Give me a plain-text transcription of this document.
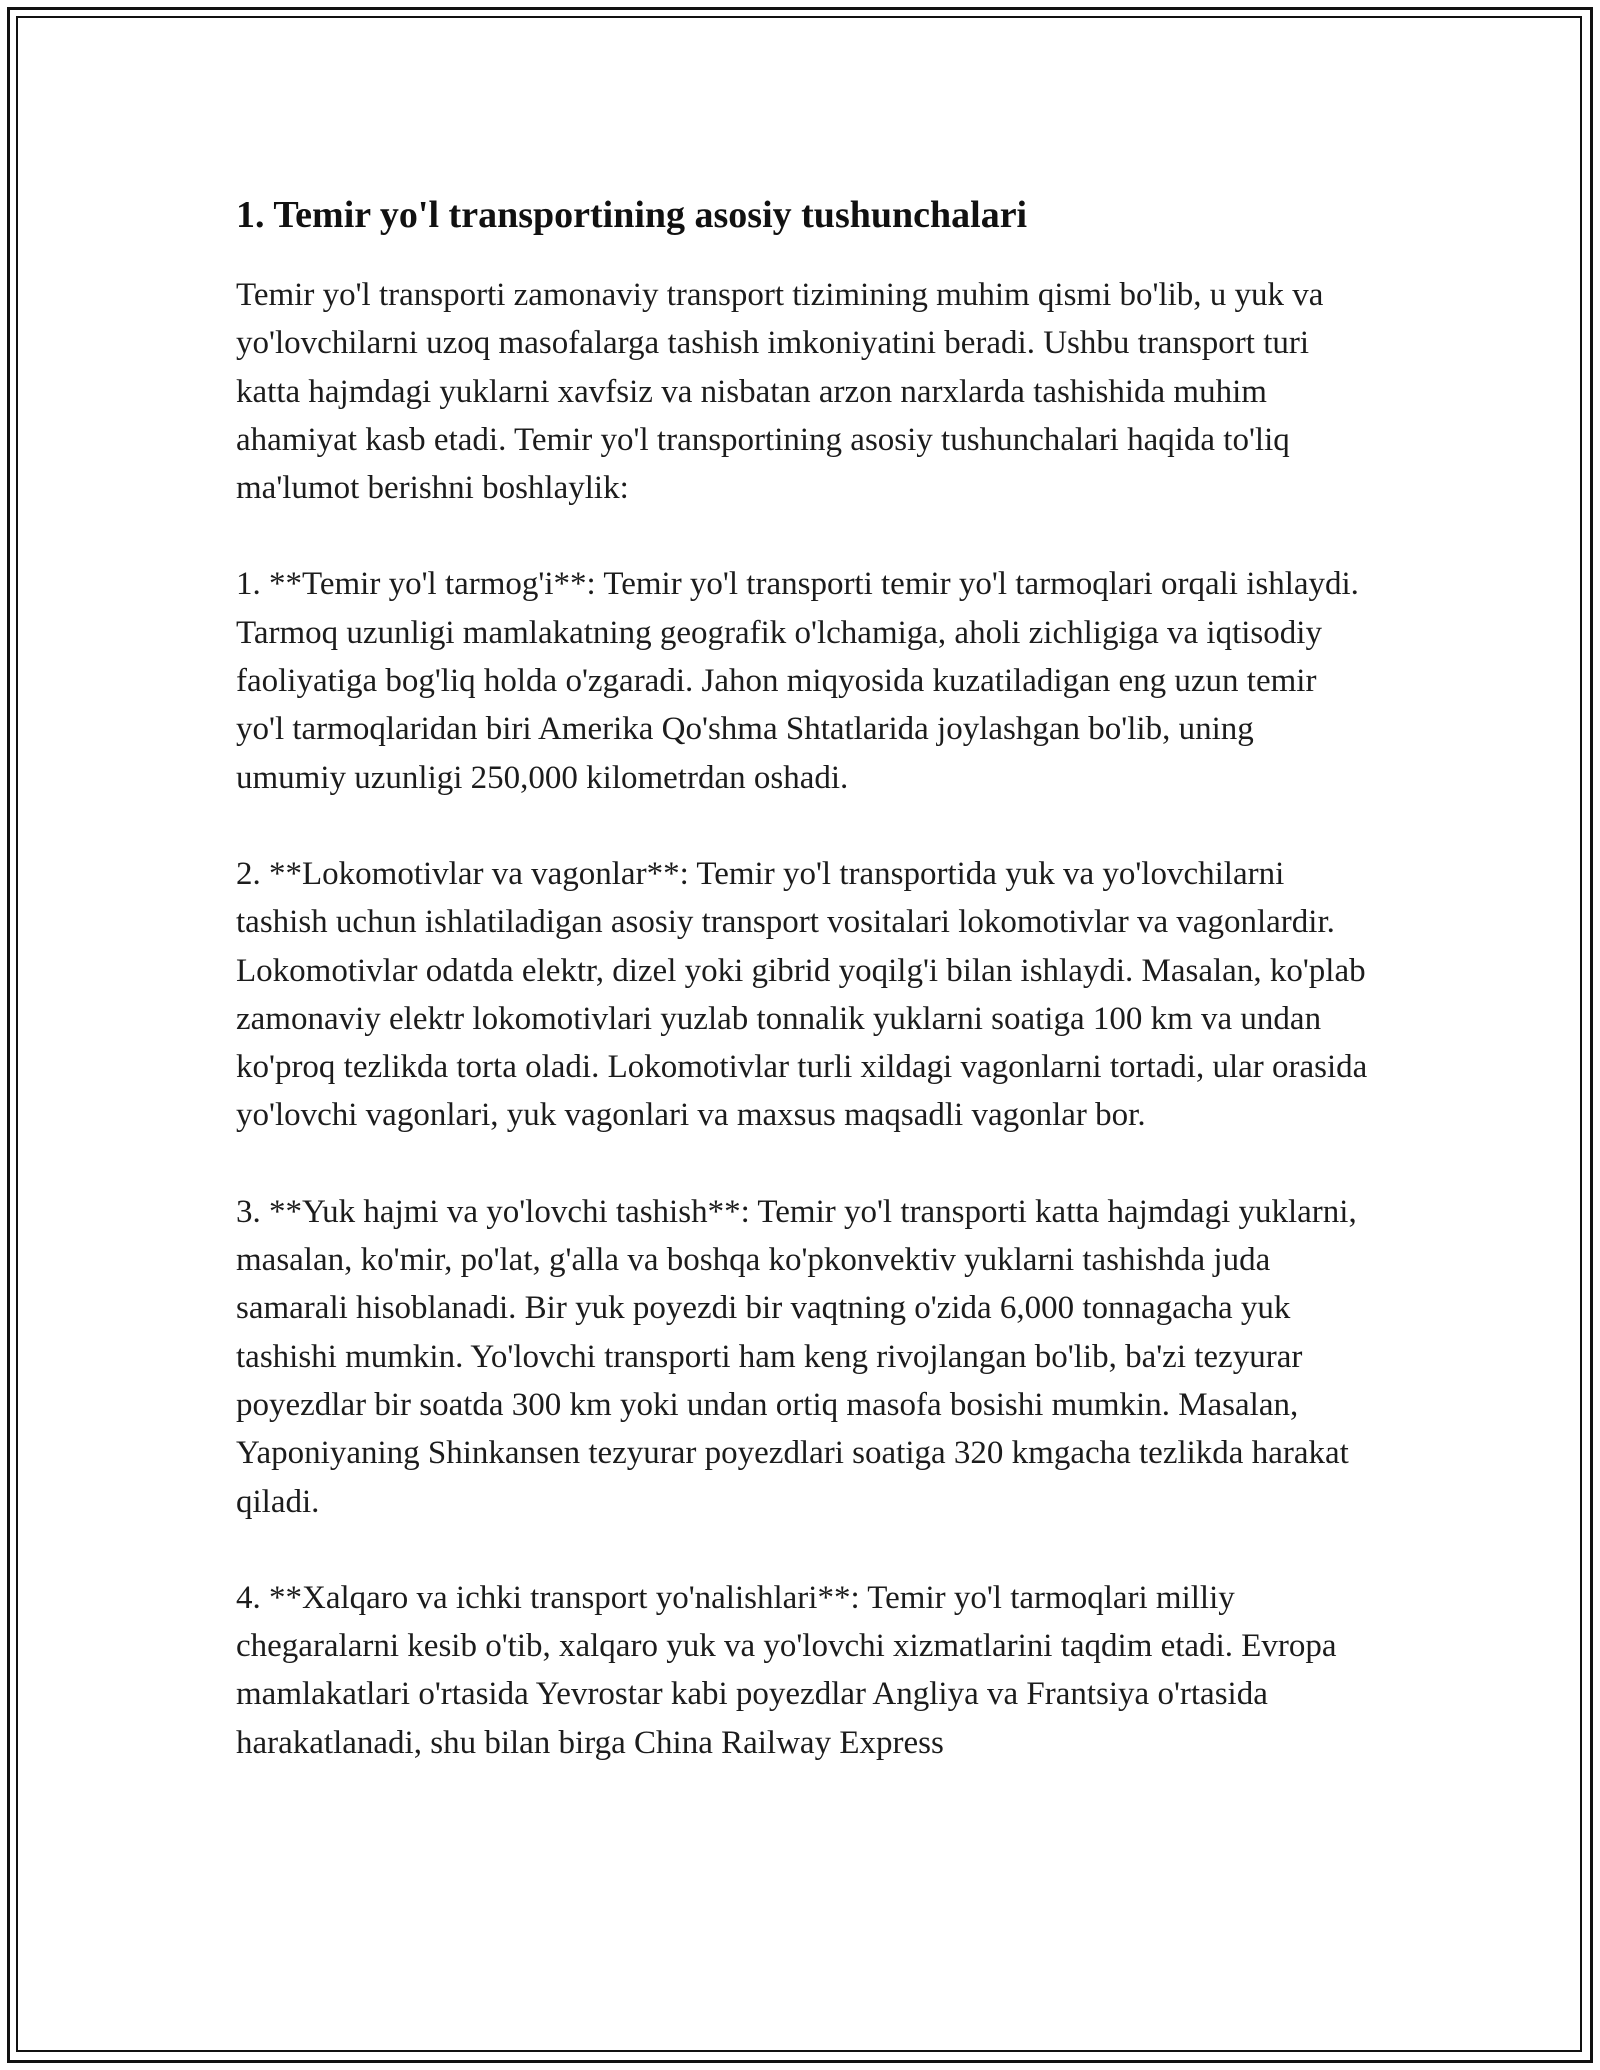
1. Temir yo'l transportining asosiy tushunchalari

Temir yo'l transporti zamonaviy transport tizimining muhim qismi bo'lib, u yuk va yo'lovchilarni uzoq masofalarga tashish imkoniyatini beradi. Ushbu transport turi katta hajmdagi yuklarni xavfsiz va nisbatan arzon narxlarda tashishida muhim ahamiyat kasb etadi. Temir yo'l transportining asosiy tushunchalari haqida to'liq ma'lumot berishni boshlaylik:

1. **Temir yo'l tarmog'i**: Temir yo'l transporti temir yo'l tarmoqlari orqali ishlaydi. Tarmoq uzunligi mamlakatning geografik o'lchamiga, aholi zichligiga va iqtisodiy faoliyatiga bog'liq holda o'zgaradi. Jahon miqyosida kuzatiladigan eng uzun temir yo'l tarmoqlaridan biri Amerika Qo'shma Shtatlarida joylashgan bo'lib, uning umumiy uzunligi 250,000 kilometrdan oshadi.

2. **Lokomotivlar va vagonlar**: Temir yo'l transportida yuk va yo'lovchilarni tashish uchun ishlatiladigan asosiy transport vositalari lokomotivlar va vagonlardir. Lokomotivlar odatda elektr, dizel yoki gibrid yoqilg'i bilan ishlaydi. Masalan, ko'plab zamonaviy elektr lokomotivlari yuzlab tonnalik yuklarni soatiga 100 km va undan ko'proq tezlikda torta oladi. Lokomotivlar turli xildagi vagonlarni tortadi, ular orasida yo'lovchi vagonlari, yuk vagonlari va maxsus maqsadli vagonlar bor.

3. **Yuk hajmi va yo'lovchi tashish**: Temir yo'l transporti katta hajmdagi yuklarni, masalan, ko'mir, po'lat, g'alla va boshqa ko'pkonvektiv yuklarni tashishda juda samarali hisoblanadi. Bir yuk poyezdi bir vaqtning o'zida 6,000 tonnagacha yuk tashishi mumkin. Yo'lovchi transporti ham keng rivojlangan bo'lib, ba'zi tezyurar poyezdlar bir soatda 300 km yoki undan ortiq masofa bosishi mumkin. Masalan, Yaponiyaning Shinkansen tezyurar poyezdlari soatiga 320 kmgacha tezlikda harakat qiladi.

4. **Xalqaro va ichki transport yo'nalishlari**: Temir yo'l tarmoqlari milliy chegaralarni kesib o'tib, xalqaro yuk va yo'lovchi xizmatlarini taqdim etadi. Evropa mamlakatlari o'rtasida Yevrostar kabi poyezdlar Angliya va Frantsiya o'rtasida harakatlanadi, shu bilan birga China Railway Express
